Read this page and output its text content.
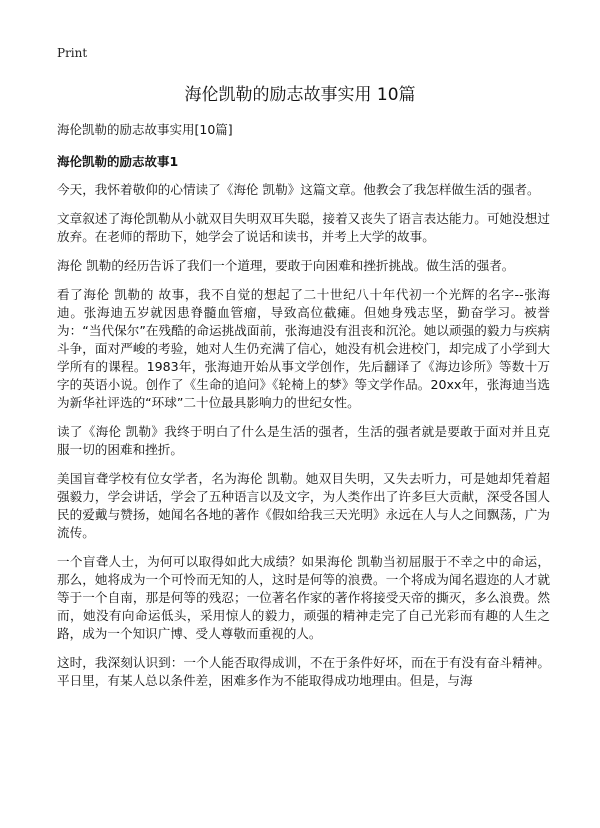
Print
海伦凯勒的励志故事实用 10篇

海伦凯勒的励志故事实用[10篇]

海伦凯勒的励志故事1

今天，我怀着敬仰的心情读了《海伦 凯勒》这篇文章。他教会了我怎样做生活的强者。

文章叙述了海伦凯勒从小就双目失明双耳失聪，接着又丧失了语言表达能力。可她没想过放弃。在老师的帮助下，她学会了说话和读书，并考上大学的故事。

海伦 凯勒的经历告诉了我们一个道理，要敢于向困难和挫折挑战。做生活的强者。

看了海伦 凯勒的 故事，我不自觉的想起了二十世纪八十年代初一个光辉的名字--张海迪。张海迪五岁就因患脊髓血管瘤，导致高位截瘫。但她身残志坚，勤奋学习。被誉为：“当代保尔”在残酷的命运挑战面前，张海迪没有沮丧和沉沦。她以顽强的毅力与疾病斗争，面对严峻的考验，她对人生仍充满了信心，她没有机会进校门，却完成了小学到大学所有的课程。1983年，张海迪开始从事文学创作，先后翻译了《海边诊所》等数十万字的英语小说。创作了《生命的追问》《轮椅上的梦》等文学作品。20xx年，张海迪当选为新华社评选的“环球”二十位最具影响力的世纪女性。

读了《海伦 凯勒》我终于明白了什么是生活的强者，生活的强者就是要敢于面对并且克服一切的困难和挫折。

美国盲聋学校有位女学者，名为海伦 凯勒。她双目失明，又失去听力，可是她却凭着超强毅力，学会讲话，学会了五种语言以及文字，为人类作出了许多巨大贡献，深受各国人民的爱戴与赞扬，她闻名各地的著作《假如给我三天光明》永远在人与人之间飘荡，广为流传。

一个盲聋人士，为何可以取得如此大成绩？如果海伦 凯勒当初屈服于不幸之中的命运，那么，她将成为一个可怜而无知的人，这时是何等的浪费。一个将成为闻名遐迩的人才就等于一个自南，那是何等的残忍；一位著名作家的著作将接受天帝的撕灭，多么浪费。然而，她没有向命运低头，采用惊人的毅力，顽强的精神走完了自己光彩而有趣的人生之路，成为一个知识广博、受人尊敬而重视的人。

这时，我深刻认识到：一个人能否取得成训，不在于条件好坏，而在于有没有奋斗精神。平日里，有某人总以条件差，困难多作为不能取得成功地理由。但是，与海
